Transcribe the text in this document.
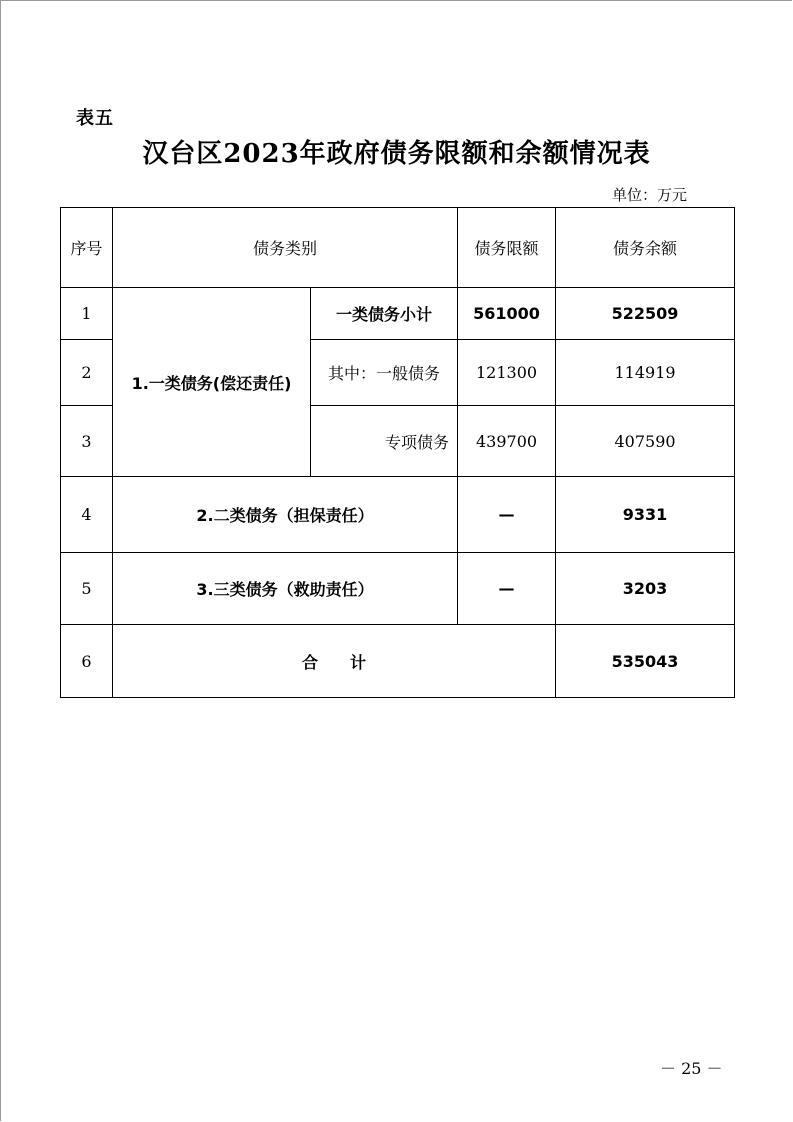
表五
汉台区2023年政府债务限额和余额情况表
单位：万元
序号	债务类别		债务限额	债务余额
1	1.一类债务(偿还责任)	一类债务小计	561000	522509
2		其中：一般债务	121300	114919
3		专项债务	439700	407590
4	2.二类债务（担保责任）		—	9331
5	3.三类债务（救助责任）		—	3203
6	合　　计			535043
－ 25 －
